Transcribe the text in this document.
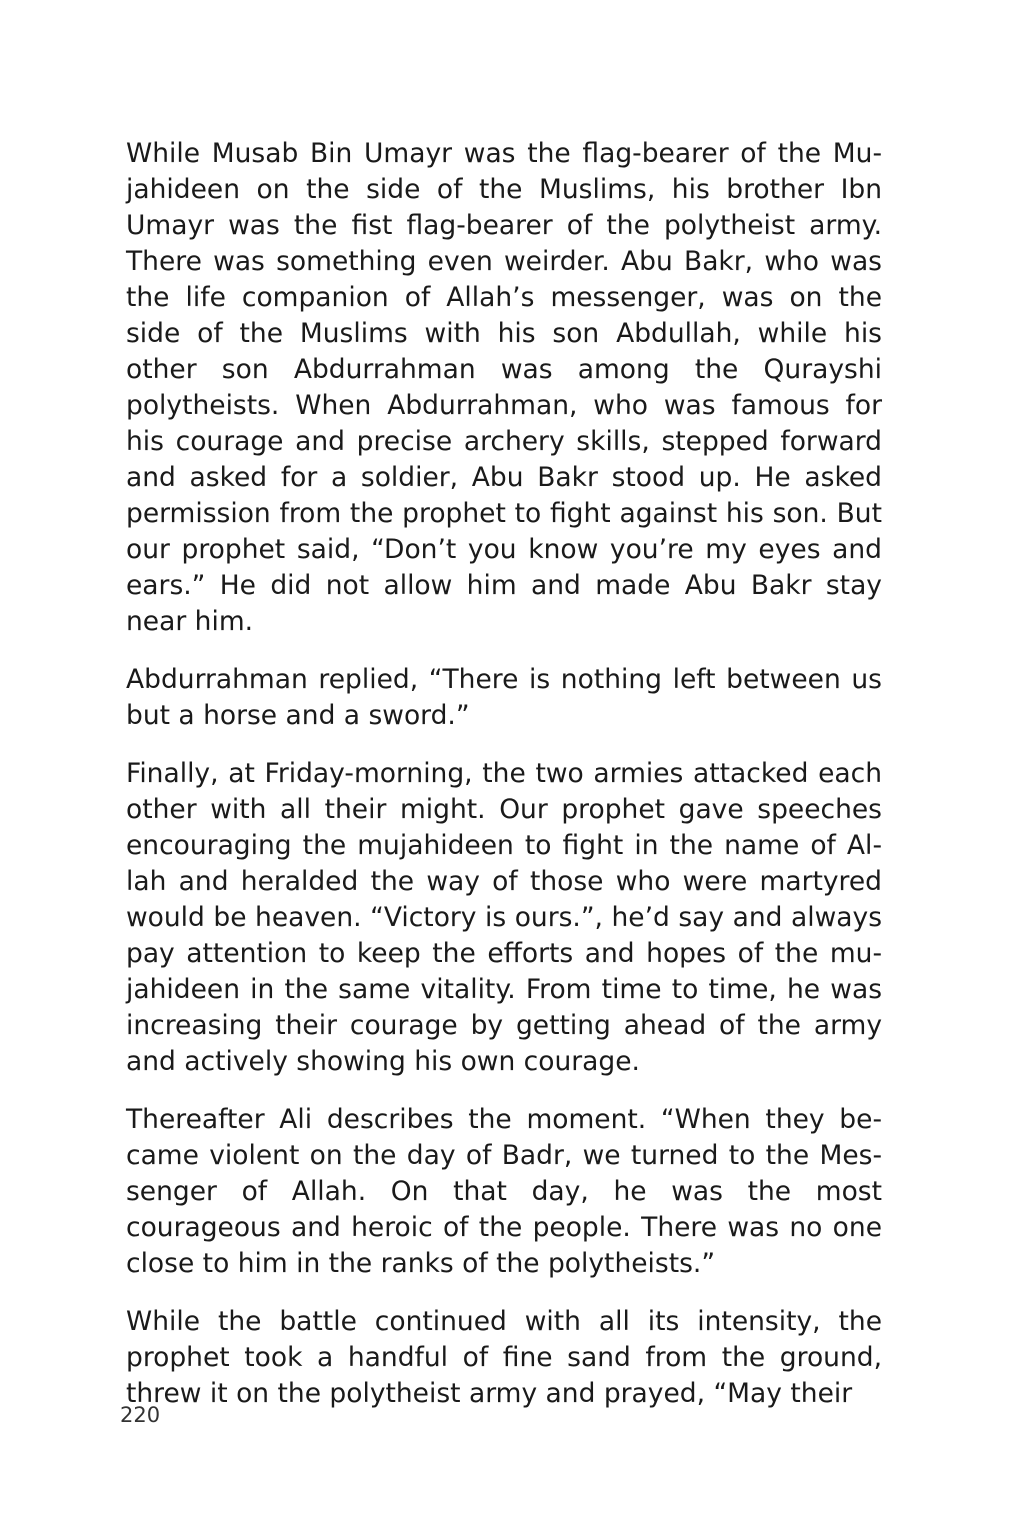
While Musab Bin Umayr was the flag-bearer of the Mujahideen on the side of the Muslims, his brother Ibn Umayr was the fist flag-bearer of the polytheist army. There was something even weirder. Abu Bakr, who was the life companion of Allah’s messenger, was on the side of the Muslims with his son Abdullah, while his other son Abdurrahman was among the Qurayshi polytheists. When Abdurrahman, who was famous for his courage and precise archery skills, stepped forward and asked for a soldier, Abu Bakr stood up. He asked permission from the prophet to fight against his son. But our prophet said, “Don’t you know you’re my eyes and ears.” He did not allow him and made Abu Bakr stay near him.

Abdurrahman replied, “There is nothing left between us but a horse and a sword.”

Finally, at Friday-morning, the two armies attacked each other with all their might. Our prophet gave speeches encouraging the mujahideen to fight in the name of Allah and heralded the way of those who were martyred would be heaven. “Victory is ours.”, he’d say and always pay attention to keep the efforts and hopes of the mujahideen in the same vitality. From time to time, he was increasing their courage by getting ahead of the army and actively showing his own courage.

Thereafter Ali describes the moment. “When they became violent on the day of Badr, we turned to the Messenger of Allah. On that day, he was the most courageous and heroic of the people. There was no one close to him in the ranks of the polytheists.”

While the battle continued with all its intensity, the prophet took a handful of fine sand from the ground, threw it on the polytheist army and prayed, “May their

220
